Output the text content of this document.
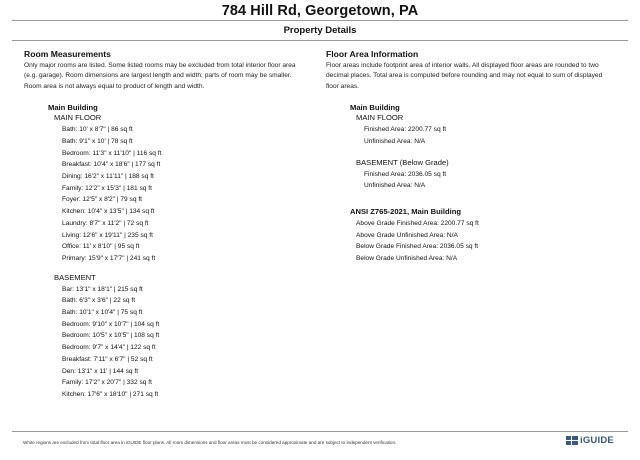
784 Hill Rd, Georgetown, PA
Property Details
Room Measurements
Only major rooms are listed. Some listed rooms may be excluded from total interior floor area
(e.g. garage). Room dimensions are largest length and width; parts of room may be smaller.
Room area is not always equal to product of length and width.
Main Building
MAIN FLOOR
Bath: 10' x 8'7" | 86 sq ft
Bath: 9'1" x 10' | 78 sq ft
Bedroom: 11'3" x 11'10" | 116 sq ft
Breakfast: 10'4" x 18'6" | 177 sq ft
Dining: 16'2" x 11'11" | 188 sq ft
Family: 12'2" x 15'3" | 181 sq ft
Foyer: 12'5" x 8'2" | 79 sq ft
Kitchen: 10'4" x 13'5" | 134 sq ft
Laundry: 8'7" x 11'2" | 72 sq ft
Living: 12'6" x 19'11" | 235 sq ft
Office: 11' x 8'10" | 95 sq ft
Primary: 15'9" x 17'7" | 241 sq ft
BASEMENT
Bar: 13'1" x 18'1" | 215 sq ft
Bath: 6'3" x 3'6" | 22 sq ft
Bath: 10'1" x 10'4" | 75 sq ft
Bedroom: 9'10" x 10'7" | 104 sq ft
Bedroom: 10'5" x 10'5" | 108 sq ft
Bedroom: 9'7" x 14'4" | 122 sq ft
Breakfast: 7'11" x 6'7" | 52 sq ft
Den: 13'1" x 11' | 144 sq ft
Family: 17'2" x 20'7" | 332 sq ft
Kitchen: 17'6" x 18'10" | 271 sq ft
Floor Area Information
Floor areas include footprint area of interior walls. All displayed floor areas are rounded to two
decimal places. Total area is computed before rounding and may not equal to sum of displayed
floor areas.
Main Building
MAIN FLOOR
Finished Area: 2200.77 sq ft
Unfinished Area: N/A
BASEMENT (Below Grade)
Finished Area: 2036.05 sq ft
Unfinished Area: N/A
ANSI Z765-2021, Main Building
Above Grade Finished Area: 2200.77 sq ft
Above Grade Unfinished Area: N/A
Below Grade Finished Area: 2036.05 sq ft
Below Grade Unfinished Area: N/A
White regions are excluded from total floor area in iGUIDE floor plans. All room dimensions and floor areas must be considered approximate and are subject to independent verification.	iGUIDE
